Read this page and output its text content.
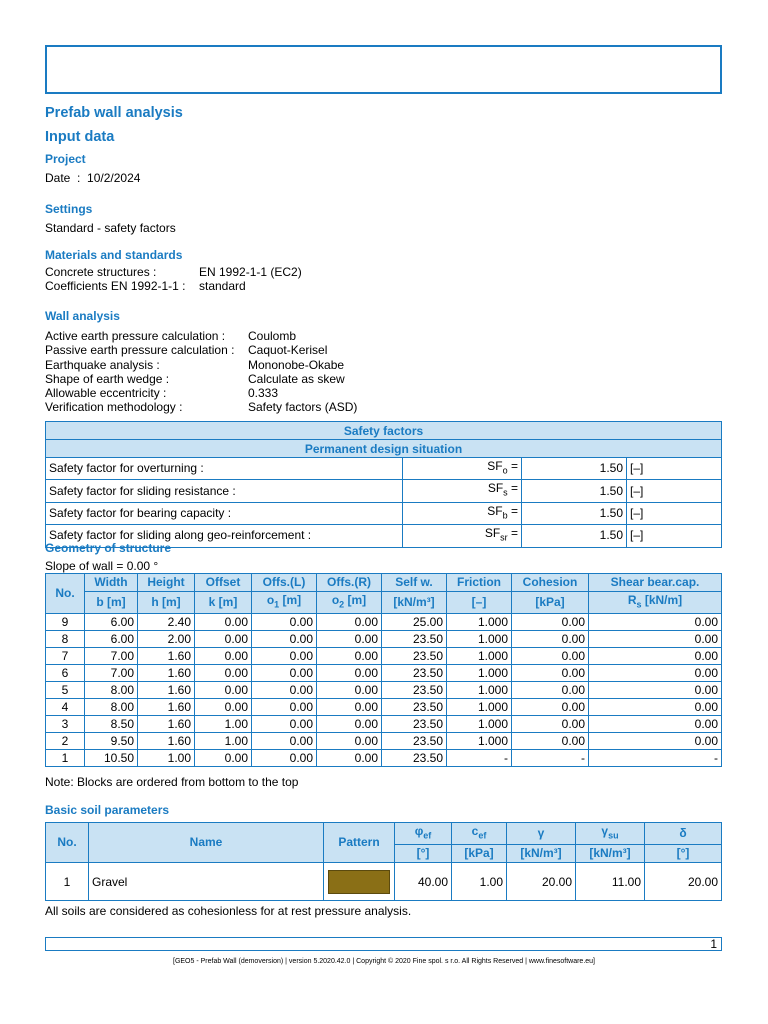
Prefab wall analysis
Input data
Project
Date  :  10/2/2024
Settings
Standard - safety factors
Materials and standards
Concrete structures :	EN 1992-1-1 (EC2)
Coefficients EN 1992-1-1 : standard
Wall analysis
Active earth pressure calculation : Coulomb
Passive earth pressure calculation : Caquot-Kerisel
Earthquake analysis :	Mononobe-Okabe
Shape of earth wedge :	Calculate as skew
Allowable eccentricity :	0.333
Verification methodology :	Safety factors (ASD)
Safety factors			
Permanent design situation			
Safety factor for overturning :	$SF_o$ =	1.50	[–]
Safety factor for sliding resistance :	$SF_s$ =	1.50	[–]
Safety factor for bearing capacity :	$SF_b$ =	1.50	[–]
Safety factor for sliding along geo-reinforcement :	$SF_{sr}$ =	1.50	[–]
Geometry of structure
Slope of wall = 0.00 °
No.	Width	Height	Offset	Offs.(L)	Offs.(R)	Self w.	Friction	Cohesion	Shear bear.cap.
	b [m]	h [m]	k [m]	$o_1$ [m]	$o_2$ [m]	[kN/m³]	[–]	[kPa]	$R_s$ [kN/m]
9	6.00	2.40	0.00	0.00	0.00	25.00	1.000	0.00	0.00
8	6.00	2.00	0.00	0.00	0.00	23.50	1.000	0.00	0.00
7	7.00	1.60	0.00	0.00	0.00	23.50	1.000	0.00	0.00
6	7.00	1.60	0.00	0.00	0.00	23.50	1.000	0.00	0.00
5	8.00	1.60	0.00	0.00	0.00	23.50	1.000	0.00	0.00
4	8.00	1.60	0.00	0.00	0.00	23.50	1.000	0.00	0.00
3	8.50	1.60	1.00	0.00	0.00	23.50	1.000	0.00	0.00
2	9.50	1.60	1.00	0.00	0.00	23.50	1.000	0.00	0.00
1	10.50	1.00	0.00	0.00	0.00	23.50	-	-	-
Note: Blocks are ordered from bottom to the top
Basic soil parameters
No.	Name	Pattern	$\varphi_{ef}$	$c_{ef}$	γ	$\gamma_{su}$	δ
			[°]	[kPa]	[kN/m³]	[kN/m³]	[°]
1	Gravel		40.00	1.00	20.00	11.00	20.00
All soils are considered as cohesionless for at rest pressure analysis.
1
[GEO5 - Prefab Wall (demoversion) | version 5.2020.42.0 | Copyright © 2020 Fine spol. s r.o. All Rights Reserved | www.finesoftware.eu]
